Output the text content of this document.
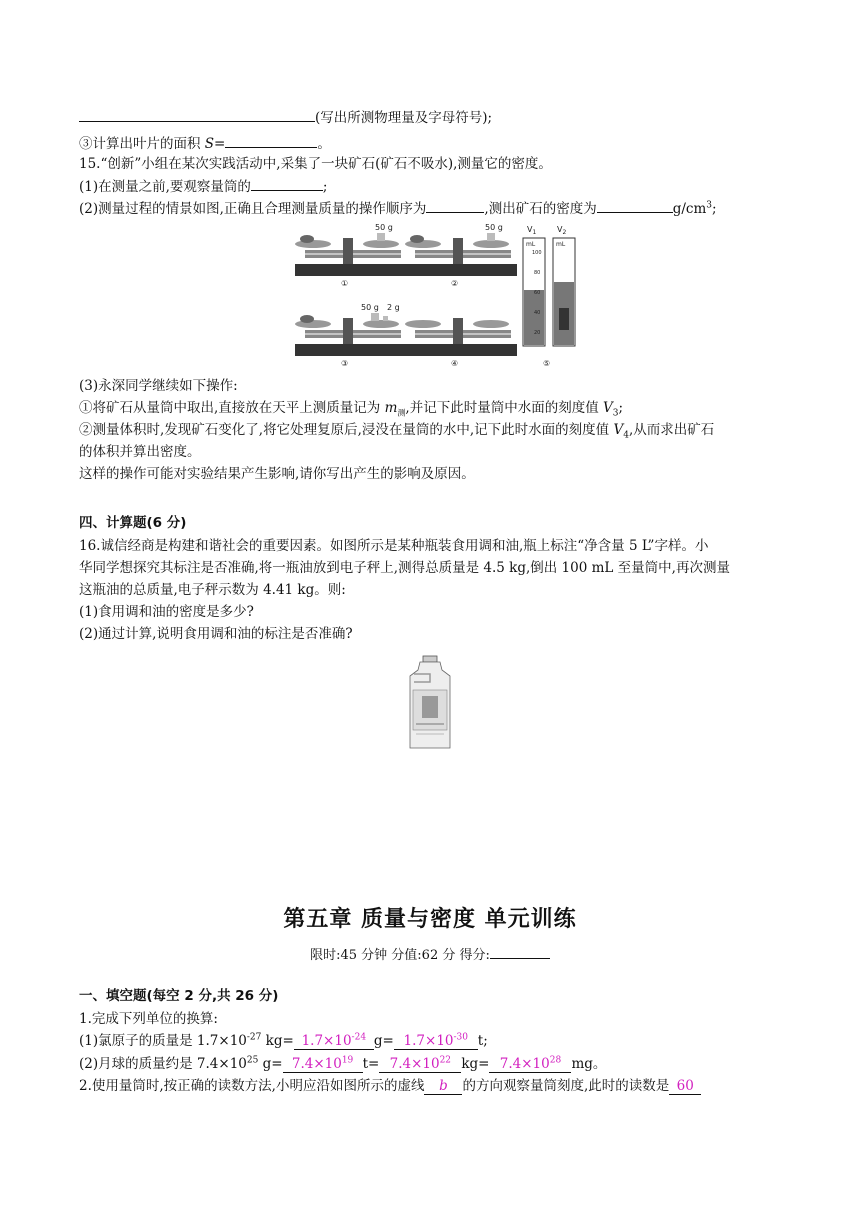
(写出所测物理量及字母符号);
③计算出叶片的面积 S=	。
15.“创新”小组在某次实践活动中,采集了一块矿石(矿石不吸水),测量它的密度。
(1)在测量之前,要观察量筒的	;
(2)测量过程的情景如图,正确且合理测量质量的操作顺序为	,测出矿石的密度为	$g/cm^3$;
50 g
①
50 g
②
50 g 2 g
③	④
$V_1$	$V_2$
mL	mL
100
80
60
40
20
⑤
(3)永深同学继续如下操作:
①将矿石从量筒中取出,直接放在天平上测质量记为 $m_测$,并记下此时量筒中水面的刻度值 $V_3$;
②测量体积时,发现矿石变化了,将它处理复原后,浸没在量筒的水中,记下此时水面的刻度值 $V_4$,从而求出矿石
的体积并算出密度。
这样的操作可能对实验结果产生影响,请你写出产生的影响及原因。
四、计算题(6 分)
16.诚信经商是构建和谐社会的重要因素。如图所示是某种瓶装食用调和油,瓶上标注“净含量 5 L”字样。小
华同学想探究其标注是否准确,将一瓶油放到电子秤上,测得总质量是 4.5 kg,倒出 100 mL 至量筒中,再次测量
这瓶油的总质量,电子秤示数为 4.41 kg。则:
(1)食用调和油的密度是多少?
(2)通过计算,说明食用调和油的标注是否准确?
第五章 质量与密度 单元训练
限时:45 分钟 分值:62 分 得分:
一、填空题(每空 2 分,共 26 分)
1.完成下列单位的换算:
(1)氯原子的质量是 $1.7\times 10^{-27}$ $kg= 1.7\times 10^{-24}$ $g= 1.7\times 10^{-30}$ t;
(2)月球的质量约是 $7.4\times 10^{25}$ $g= 7.4\times 10^{19}$ $t= 7.4\times 10^{22}$ $kg= 7.4\times 10^{28}$ mg。
2.使用量筒时,按正确的读数方法,小明应沿如图所示的虚线 b 的方向观察量筒刻度,此时的读数是 60
